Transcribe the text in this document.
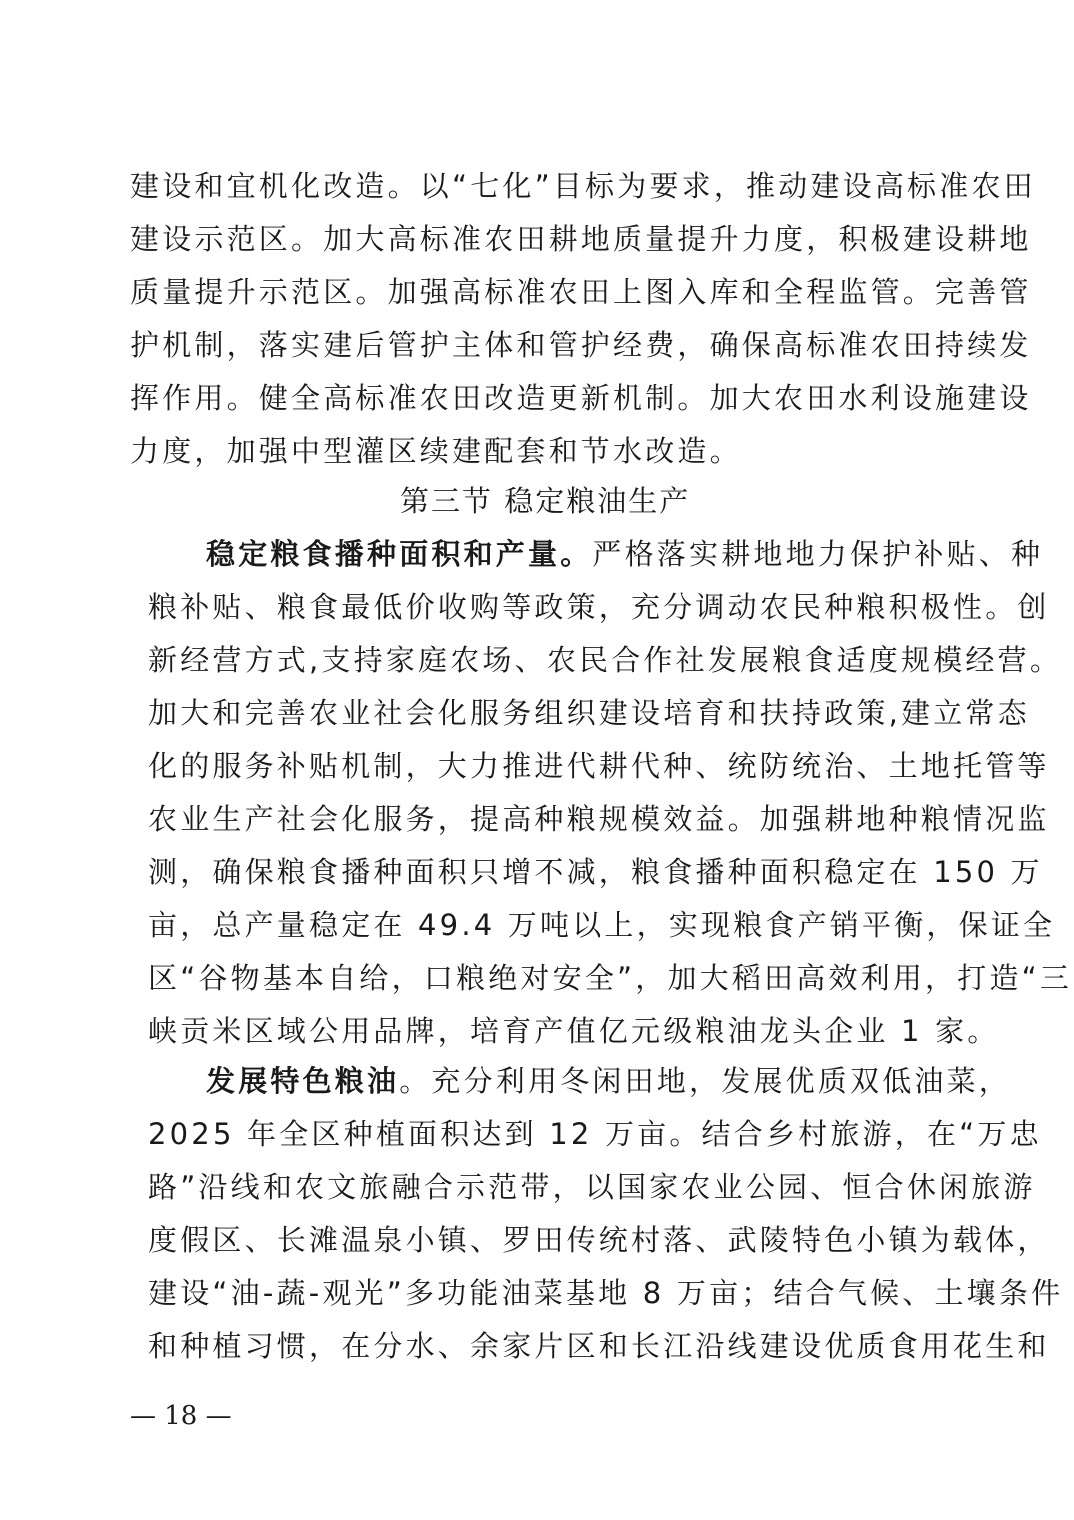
建设和宜机化改造。以“七化”目标为要求，推动建设高标准农田
建设示范区。加大高标准农田耕地质量提升力度，积极建设耕地
质量提升示范区。加强高标准农田上图入库和全程监管。完善管
护机制，落实建后管护主体和管护经费，确保高标准农田持续发
挥作用。健全高标准农田改造更新机制。加大农田水利设施建设
力度，加强中型灌区续建配套和节水改造。
第三节 稳定粮油生产
稳定粮食播种面积和产量。严格落实耕地地力保护补贴、种
粮补贴、粮食最低价收购等政策，充分调动农民种粮积极性。创
新经营方式,支持家庭农场、农民合作社发展粮食适度规模经营。
加大和完善农业社会化服务组织建设培育和扶持政策,建立常态
化的服务补贴机制，大力推进代耕代种、统防统治、土地托管等
农业生产社会化服务，提高种粮规模效益。加强耕地种粮情况监
测，确保粮食播种面积只增不减，粮食播种面积稳定在 150 万
亩，总产量稳定在 49.4 万吨以上，实现粮食产销平衡，保证全
区“谷物基本自给，口粮绝对安全”，加大稻田高效利用，打造“三
峡贡米区域公用品牌，培育产值亿元级粮油龙头企业 1 家。
发展特色粮油。充分利用冬闲田地，发展优质双低油菜，
2025 年全区种植面积达到 12 万亩。结合乡村旅游，在“万忠
路”沿线和农文旅融合示范带，以国家农业公园、恒合休闲旅游
度假区、长滩温泉小镇、罗田传统村落、武陵特色小镇为载体，
建设“油-蔬-观光”多功能油菜基地 8 万亩；结合气候、土壤条件
和种植习惯，在分水、余家片区和长江沿线建设优质食用花生和
— 18 —
